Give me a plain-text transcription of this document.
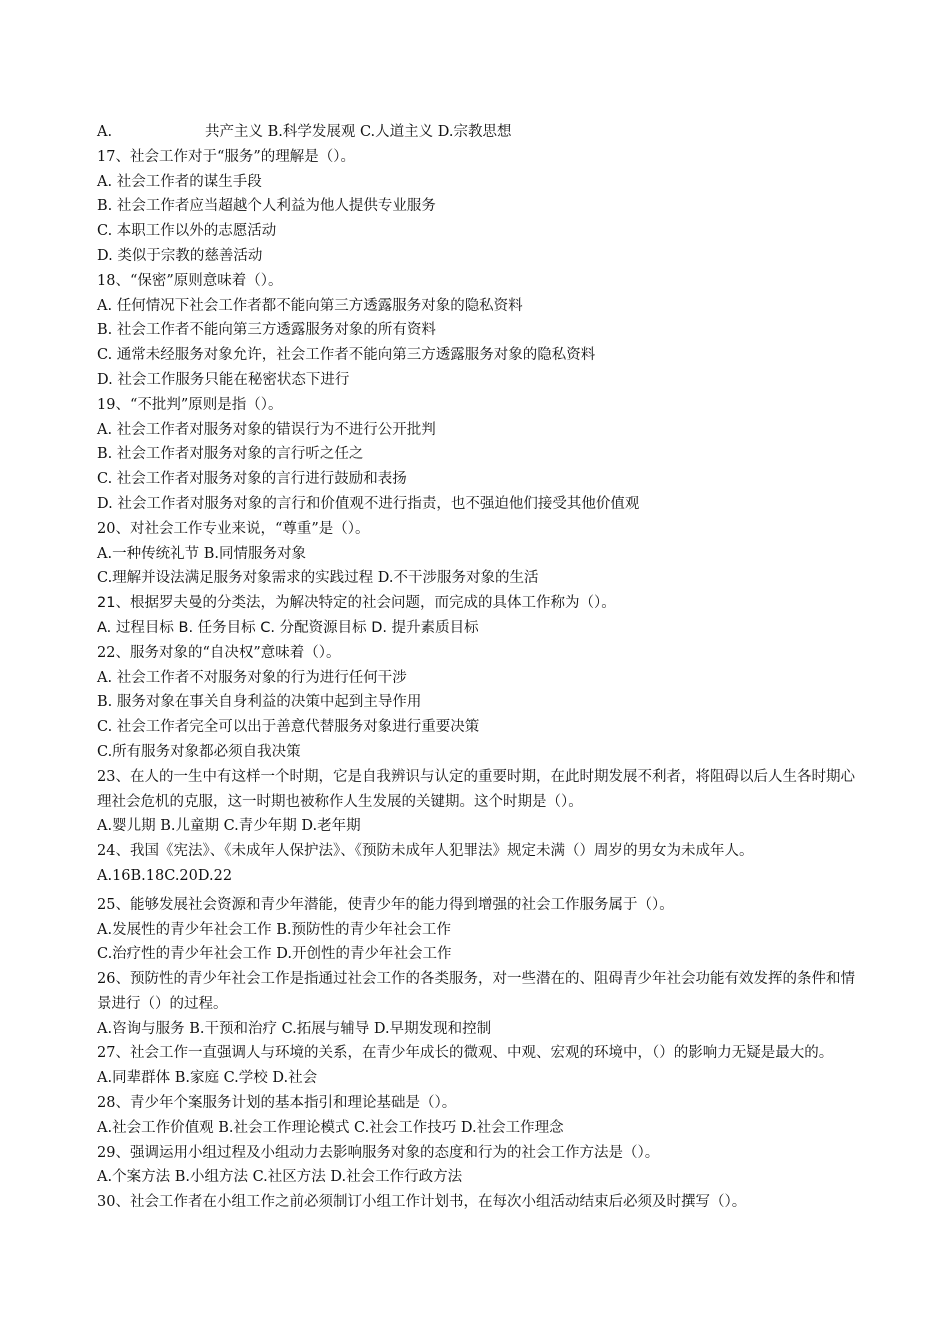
A.	共产主义 B.科学发展观 C.人道主义 D.宗教思想
17、社会工作对于“服务”的理解是（）。
A. 社会工作者的谋生手段
B. 社会工作者应当超越个人利益为他人提供专业服务
C. 本职工作以外的志愿活动
D. 类似于宗教的慈善活动
18、“保密”原则意味着（）。
A. 任何情况下社会工作者都不能向第三方透露服务对象的隐私资料
B. 社会工作者不能向第三方透露服务对象的所有资料
C. 通常未经服务对象允许，社会工作者不能向第三方透露服务对象的隐私资料
D. 社会工作服务只能在秘密状态下进行
19、“不批判”原则是指（）。
A. 社会工作者对服务对象的错误行为不进行公开批判
B. 社会工作者对服务对象的言行听之任之
C. 社会工作者对服务对象的言行进行鼓励和表扬
D. 社会工作者对服务对象的言行和价值观不进行指责，也不强迫他们接受其他价值观
20、对社会工作专业来说，“尊重”是（）。
A.一种传统礼节 B.同情服务对象
C.理解并设法满足服务对象需求的实践过程 D.不干涉服务对象的生活
21、根据罗夫曼的分类法，为解决特定的社会问题，而完成的具体工作称为（）。
A. 过程目标 B. 任务目标 C. 分配资源目标 D. 提升素质目标
22、服务对象的“自决权”意味着（）。
A. 社会工作者不对服务对象的行为进行任何干涉
B. 服务对象在事关自身利益的决策中起到主导作用
C. 社会工作者完全可以出于善意代替服务对象进行重要决策
C.所有服务对象都必须自我决策
23、在人的一生中有这样一个时期，它是自我辨识与认定的重要时期，在此时期发展不利者，将阻碍以后人生各时期心理社会危机的克服，这一时期也被称作人生发展的关键期。这个时期是（）。
A.婴儿期 B.儿童期 C.青少年期 D.老年期
24、我国《宪法》、《未成年人保护法》、《预防未成年人犯罪法》规定未满（）周岁的男女为未成年人。
A.16B.18C.20D.22
25、能够发展社会资源和青少年潜能，使青少年的能力得到增强的社会工作服务属于（）。
A.发展性的青少年社会工作 B.预防性的青少年社会工作
C.治疗性的青少年社会工作 D.开创性的青少年社会工作
26、预防性的青少年社会工作是指通过社会工作的各类服务，对一些潜在的、阻碍青少年社会功能有效发挥的条件和情景进行（）的过程。
A.咨询与服务 B.干预和治疗 C.拓展与辅导 D.早期发现和控制
27、社会工作一直强调人与环境的关系，在青少年成长的微观、中观、宏观的环境中，（）的影响力无疑是最大的。
A.同辈群体 B.家庭 C.学校 D.社会
28、青少年个案服务计划的基本指引和理论基础是（）。
A.社会工作价值观 B.社会工作理论模式 C.社会工作技巧 D.社会工作理念
29、强调运用小组过程及小组动力去影响服务对象的态度和行为的社会工作方法是（）。
A.个案方法 B.小组方法 C.社区方法 D.社会工作行政方法
30、社会工作者在小组工作之前必须制订小组工作计划书，在每次小组活动结束后必须及时撰写（）。
